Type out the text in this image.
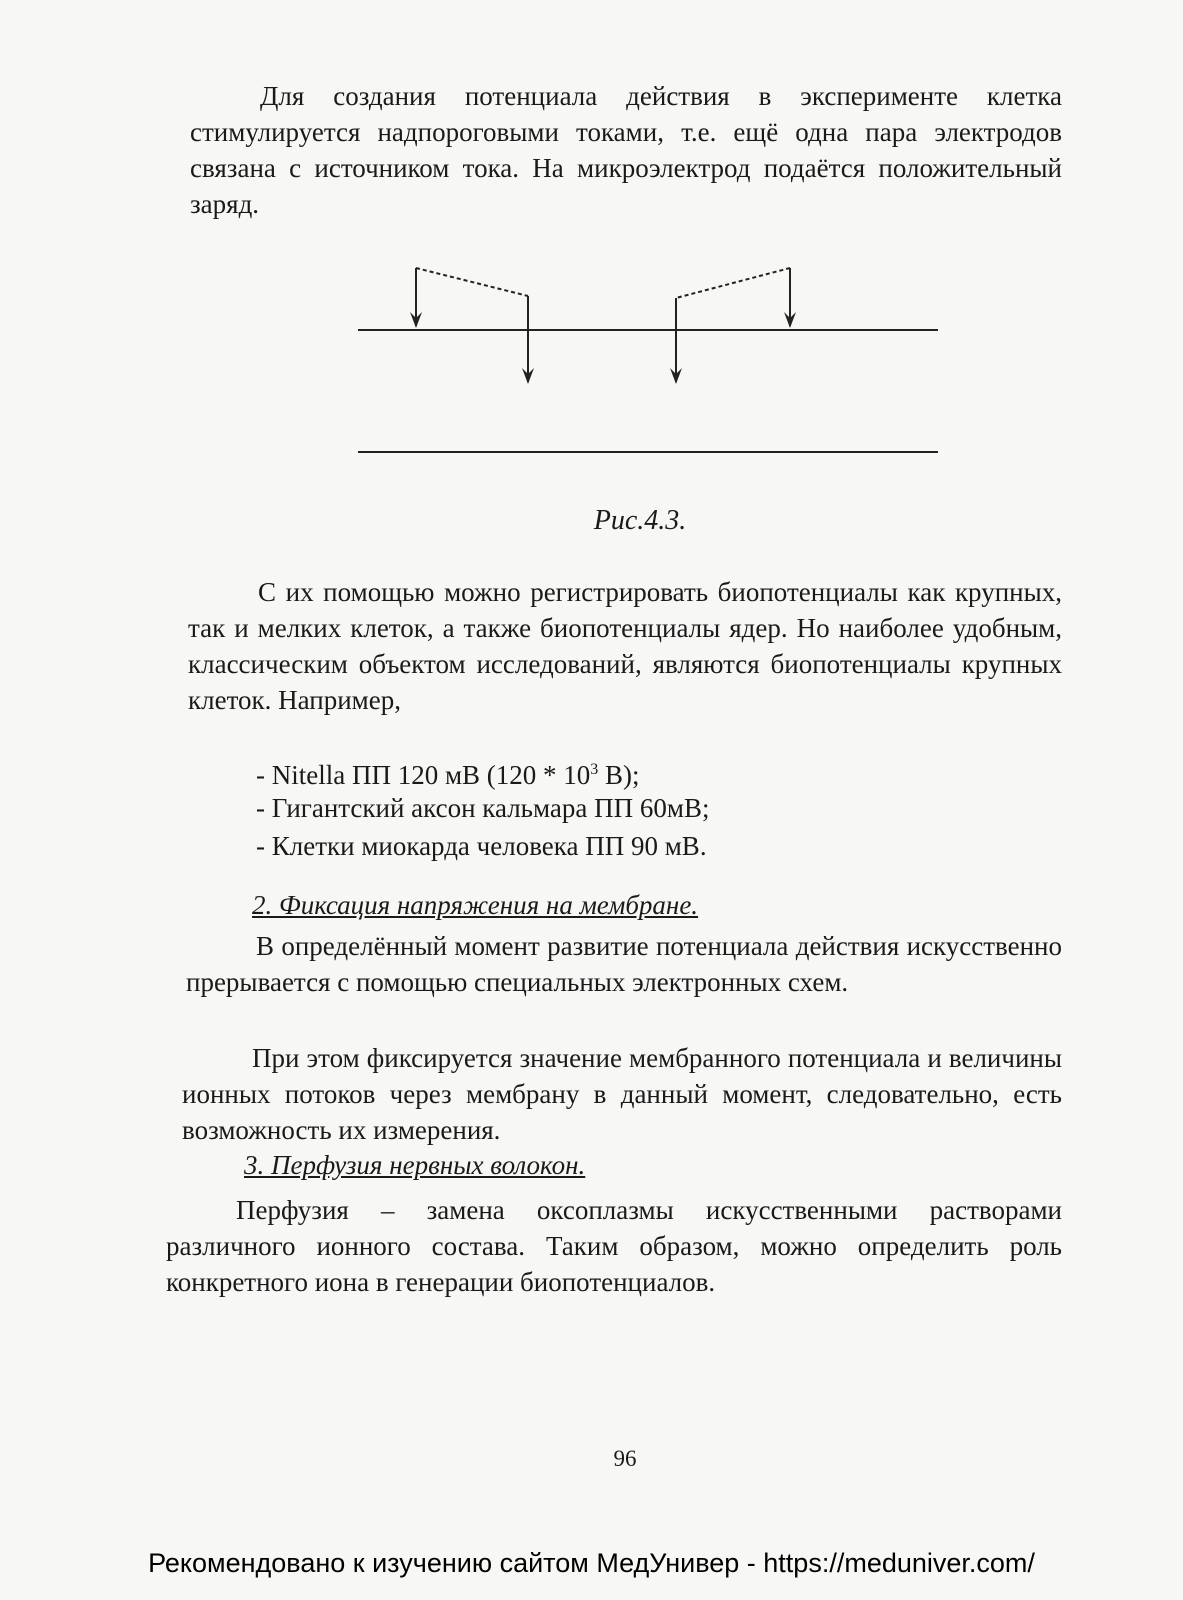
Для создания потенциала действия в эксперименте клетка стимулируется надпороговыми токами, т.е. ещё одна пара электродов связана с источником тока. На микроэлектрод подаётся положительный заряд.

Рис.4.3.

С их помощью можно регистрировать биопотенциалы как крупных, так и мелких клеток, а также биопотенциалы ядер. Но наиболее удобным, классическим объектом исследований, являются биопотенциалы крупных клеток. Например,

- Nitella ПП 120 мВ ($120 * 10^3$ В);
- Гигантский аксон кальмара ПП 60мВ;
- Клетки миокарда человека ПП 90 мВ.
2. Фиксация напряжения на мембране.

В определённый момент развитие потенциала действия искусственно прерывается с помощью специальных электронных схем.

При этом фиксируется значение мембранного потенциала и величины ионных потоков через мембрану в данный момент, следовательно, есть возможность их измерения.

3. Перфузия нервных волокон.

Перфузия – замена оксоплазмы искусственными растворами различного ионного состава. Таким образом, можно определить роль конкретного иона в генерации биопотенциалов.

96
Рекомендовано к изучению сайтом МедУнивер - https://meduniver.com/
